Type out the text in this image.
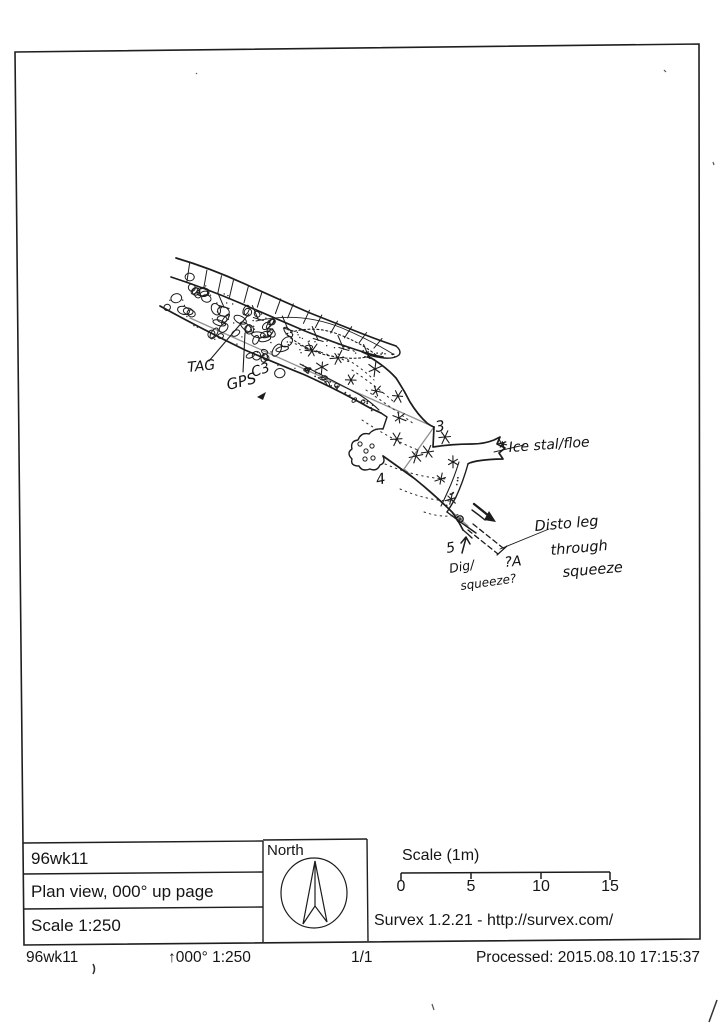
TAG
GPS
C3
3
4
5
?A
Dig/
squeeze?
Ice stal/floe
Disto leg
through
squeeze
96wk11
Plan view, 000° up page
Scale 1:250
North	Scale (1m)
0	5	10	15
Survex 1.2.21 - http://survex.com/
96wk11	↑000° 1:250	1/1	Processed: 2015.08.10 17:15:37
